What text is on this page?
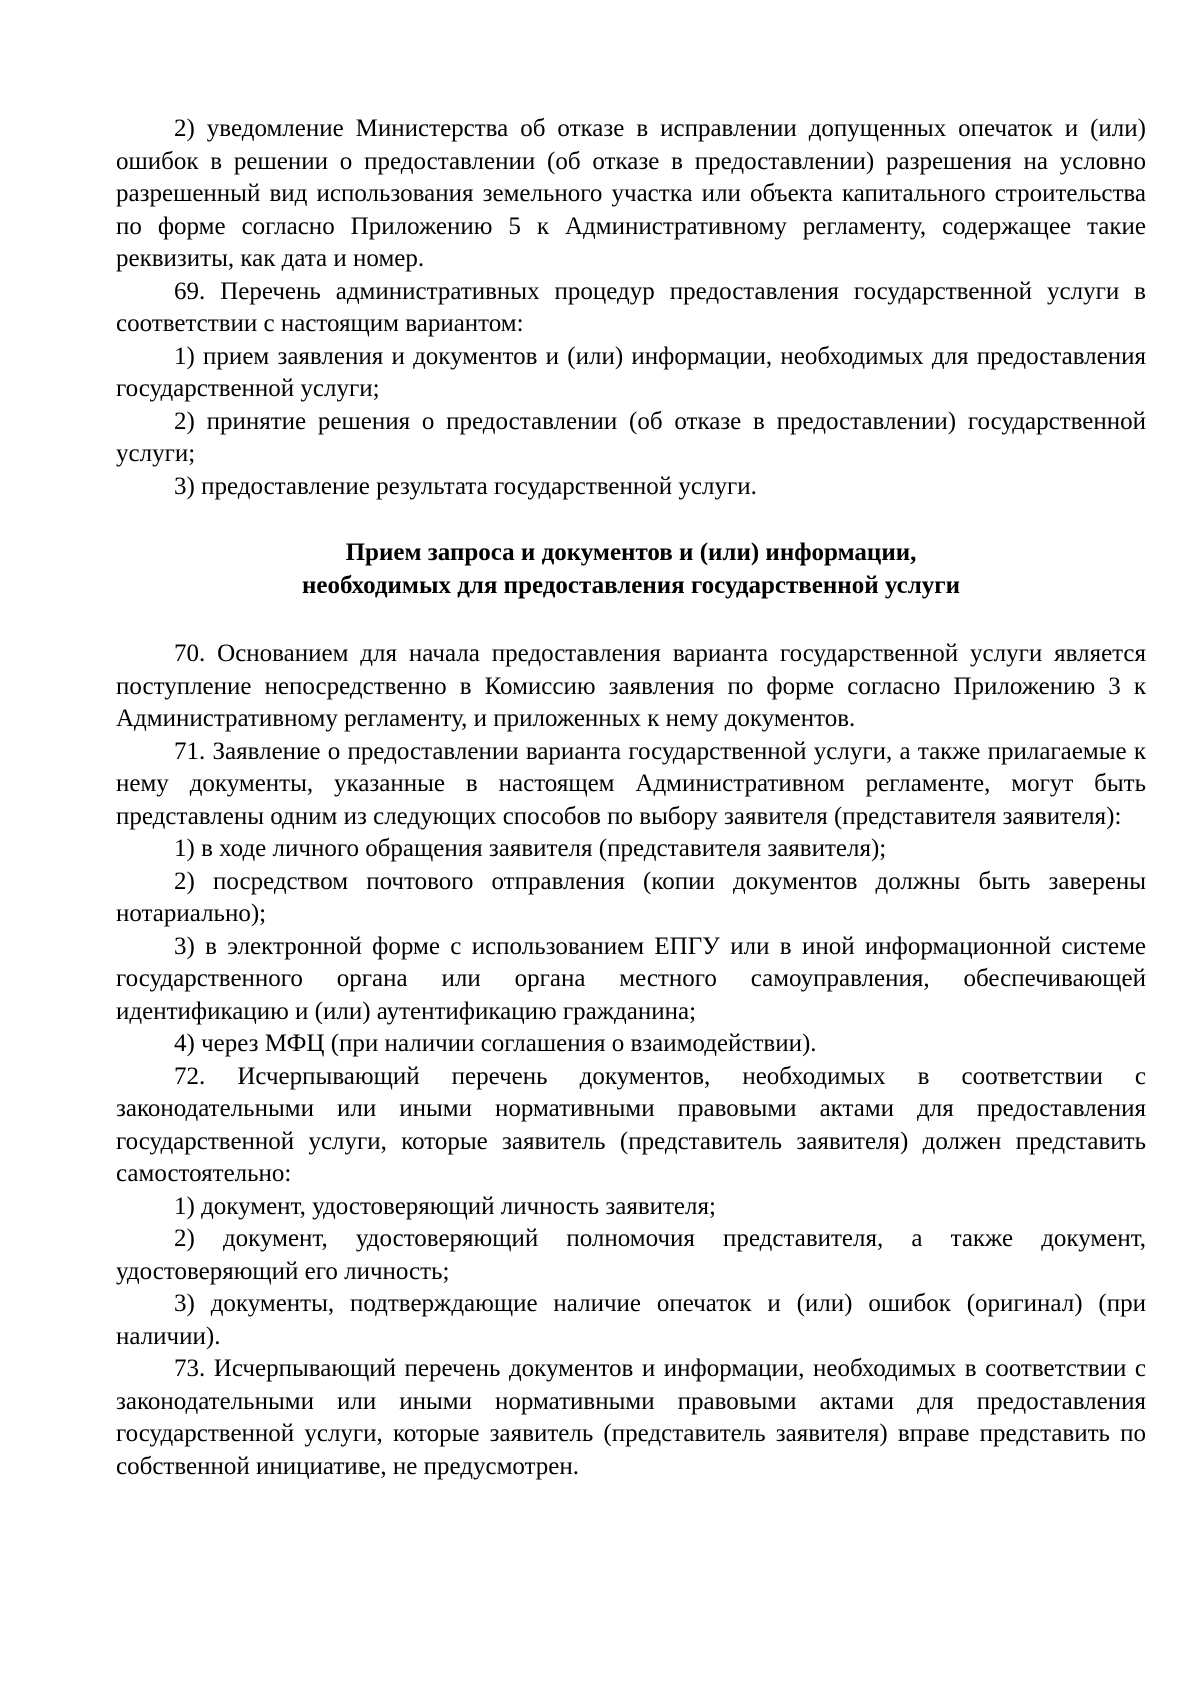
2) уведомление Министерства об отказе в исправлении допущенных опечаток и (или) ошибок в решении о предоставлении (об отказе в предоставлении) разрешения на условно разрешенный вид использования земельного участка или объекта капитального строительства по форме согласно Приложению 5 к Административному регламенту, содержащее такие реквизиты, как дата и номер.

69. Перечень административных процедур предоставления государственной услуги в соответствии с настоящим вариантом:

1) прием заявления и документов и (или) информации, необходимых для предоставления государственной услуги;

2) принятие решения о предоставлении (об отказе в предоставлении) государственной услуги;

3) предоставление результата государственной услуги.

Прием запроса и документов и (или) информации,
необходимых для предоставления государственной услуги

70. Основанием для начала предоставления варианта государственной услуги является поступление непосредственно в Комиссию заявления по форме согласно Приложению 3 к Административному регламенту, и приложенных к нему документов.

71. Заявление о предоставлении варианта государственной услуги, а также прилагаемые к нему документы, указанные в настоящем Административном регламенте, могут быть представлены одним из следующих способов по выбору заявителя (представителя заявителя):

1) в ходе личного обращения заявителя (представителя заявителя);

2) посредством почтового отправления (копии документов должны быть заверены нотариально);

3) в электронной форме с использованием ЕПГУ или в иной информационной системе государственного органа или органа местного самоуправления, обеспечивающей идентификацию и (или) аутентификацию гражданина;

4) через МФЦ (при наличии соглашения о взаимодействии).

72. Исчерпывающий перечень документов, необходимых в соответствии с законодательными или иными нормативными правовыми актами для предоставления государственной услуги, которые заявитель (представитель заявителя) должен представить самостоятельно:

1) документ, удостоверяющий личность заявителя;

2) документ, удостоверяющий полномочия представителя, а также документ, удостоверяющий его личность;

3) документы, подтверждающие наличие опечаток и (или) ошибок (оригинал) (при наличии).

73. Исчерпывающий перечень документов и информации, необходимых в соответствии с законодательными или иными нормативными правовыми актами для предоставления государственной услуги, которые заявитель (представитель заявителя) вправе представить по собственной инициативе, не предусмотрен.
